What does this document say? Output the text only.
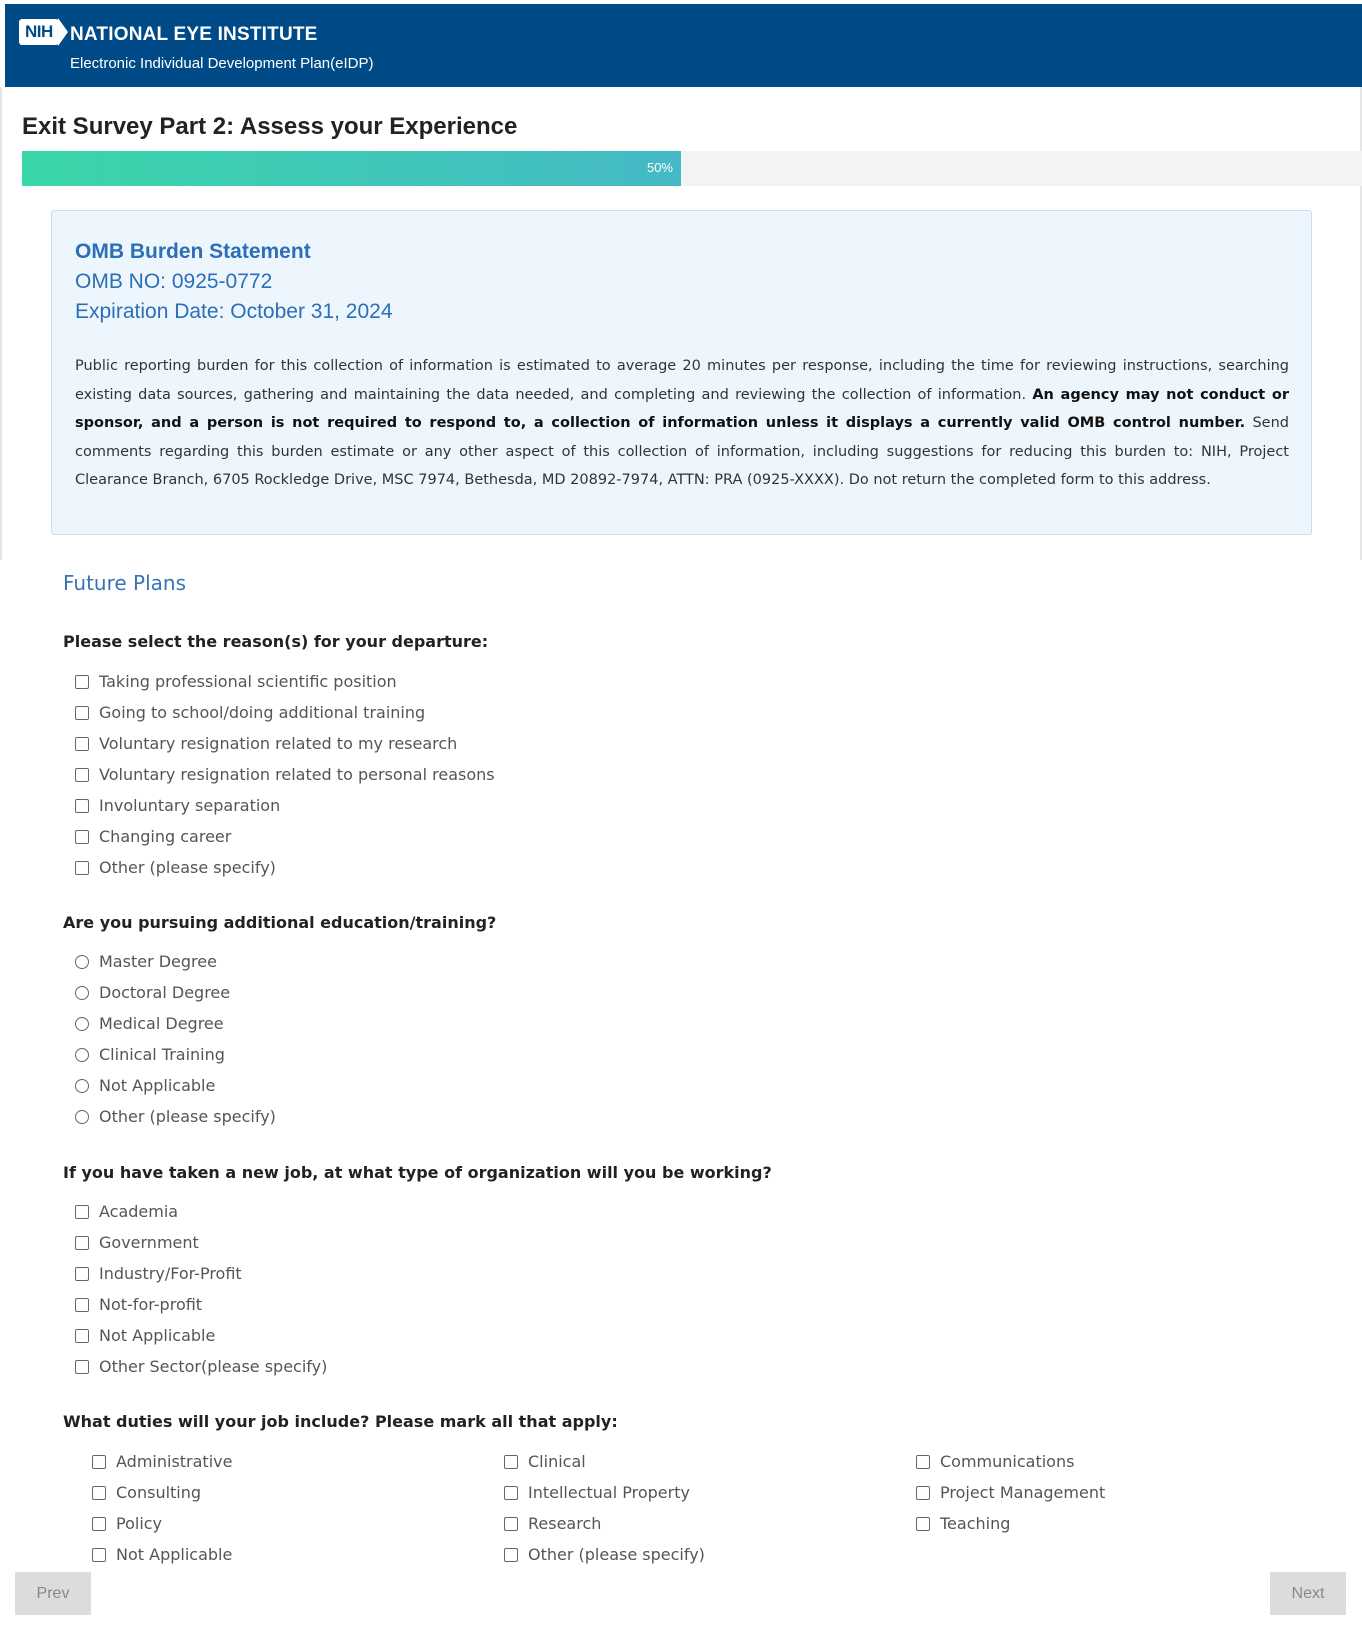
NIH NATIONAL EYE INSTITUTE
Electronic Individual Development Plan(eIDP)
Exit Survey Part 2: Assess your Experience
50%
OMB Burden Statement
OMB NO: 0925-0772
Expiration Date: October 31, 2024
Public reporting burden for this collection of information is estimated to average 20 minutes per response, including the time for reviewing instructions, searching existing data sources, gathering and maintaining the data needed, and completing and reviewing the collection of information. An agency may not conduct or sponsor, and a person is not required to respond to, a collection of information unless it displays a currently valid OMB control number. Send comments regarding this burden estimate or any other aspect of this collection of information, including suggestions for reducing this burden to: NIH, Project Clearance Branch, 6705 Rockledge Drive, MSC 7974, Bethesda, MD 20892-7974, ATTN: PRA (0925-XXXX). Do not return the completed form to this address.
Future Plans
Please select the reason(s) for your departure:
Taking professional scientific position
Going to school/doing additional training
Voluntary resignation related to my research
Voluntary resignation related to personal reasons
Involuntary separation
Changing career
Other (please specify)
Are you pursuing additional education/training?
Master Degree
Doctoral Degree
Medical Degree
Clinical Training
Not Applicable
Other (please specify)
If you have taken a new job, at what type of organization will you be working?
Academia
Government
Industry/For-Profit
Not-for-profit
Not Applicable
Other Sector(please specify)
What duties will your job include? Please mark all that apply:
Administrative
Consulting
Policy
Not Applicable
Clinical
Intellectual Property
Research
Other (please specify)
Communications
Project Management
Teaching
Prev	Next
